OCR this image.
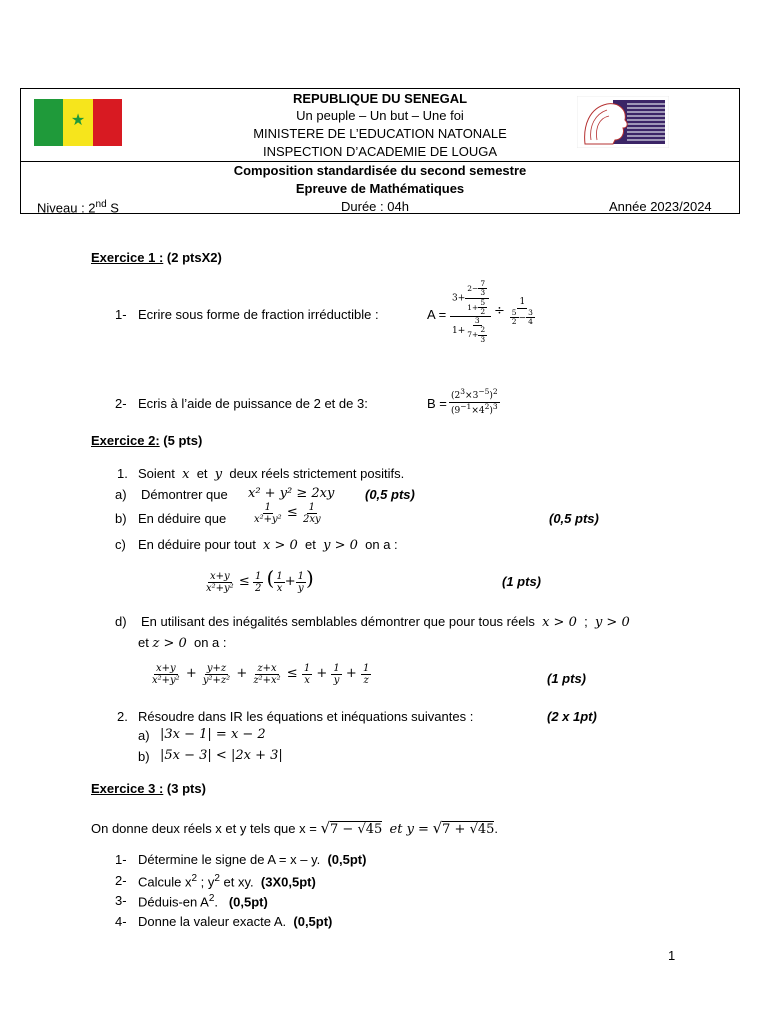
★
REPUBLIQUE DU SENEGAL
Un peuple – Un but – Une foi
MINISTERE DE L’EDUCATION NATONALE
INSPECTION D’ACADEMIE DE LOUGA
Composition standardisée du second semestre
Epreuve de Mathématiques
Niveau : 2nd S	Durée : 04h	Année 2023/2024
Exercice 1 : (2 ptsX2)
1- Ecrire sous forme de fraction irréductible :	$A = \frac{3+ \frac{2- \frac{7}{3}}{1+ \frac{5}{2}}}{1+ \frac{3}{7+ \frac{2}{3}}} \div \frac{1}{\frac{5}{2} - \frac{3}{4}}$
2- Ecris à l’aide de puissance de 2 et de 3:	$B = \frac{(2^3\times 3^{-5})^2}{(9^{-1}\times 4^2)^3}$
Exercice 2: (5 pts)
1. Soient x et y deux réels strictement positifs.
a) Démontrer que x² + y² ≥ 2xy (0,5 pts)
b) En déduire que	$\frac{1}{\text{x²+y²}} \le \frac{1}{2xy}$	(0,5 pts)
c) En déduire pour tout x > 0 et y > 0 on a :
$\frac{x+y}{\text{x²+y²}} \le \frac{1}{2}$ ( $\frac{1}{x} + \frac{1}{y}$ )	(1 pts)
d) En utilisant des inégalités semblables démontrer que pour tous réels x > 0 ; y > 0
et z > 0 on a :
$\frac{x+y}{\text{x²+y²}} + \frac{y+z}{\text{y²+z²}} + \frac{z+x}{\text{z²+x²}} \le \frac{1}{x} + \frac{1}{y} + \frac{1}{z}$	(1 pts)
2. Résoudre dans IR les équations et inéquations suivantes :	(2 x 1pt)
a) |3x − 1| = x − 2
b) |5x − 3| < |2x + 3|
Exercice 3 : (3 pts)
On donne deux réels x et y tels que x = √7 − √45 et y = √7 + √45.
1- Détermine le signe de A = x – y. (0,5pt)
2- Calcule $x^2$ ; $y^2$ et xy. (3X0,5pt)
3- Déduis-en $A^2$.   (0,5pt)
4- Donne la valeur exacte A. (0,5pt)
1
